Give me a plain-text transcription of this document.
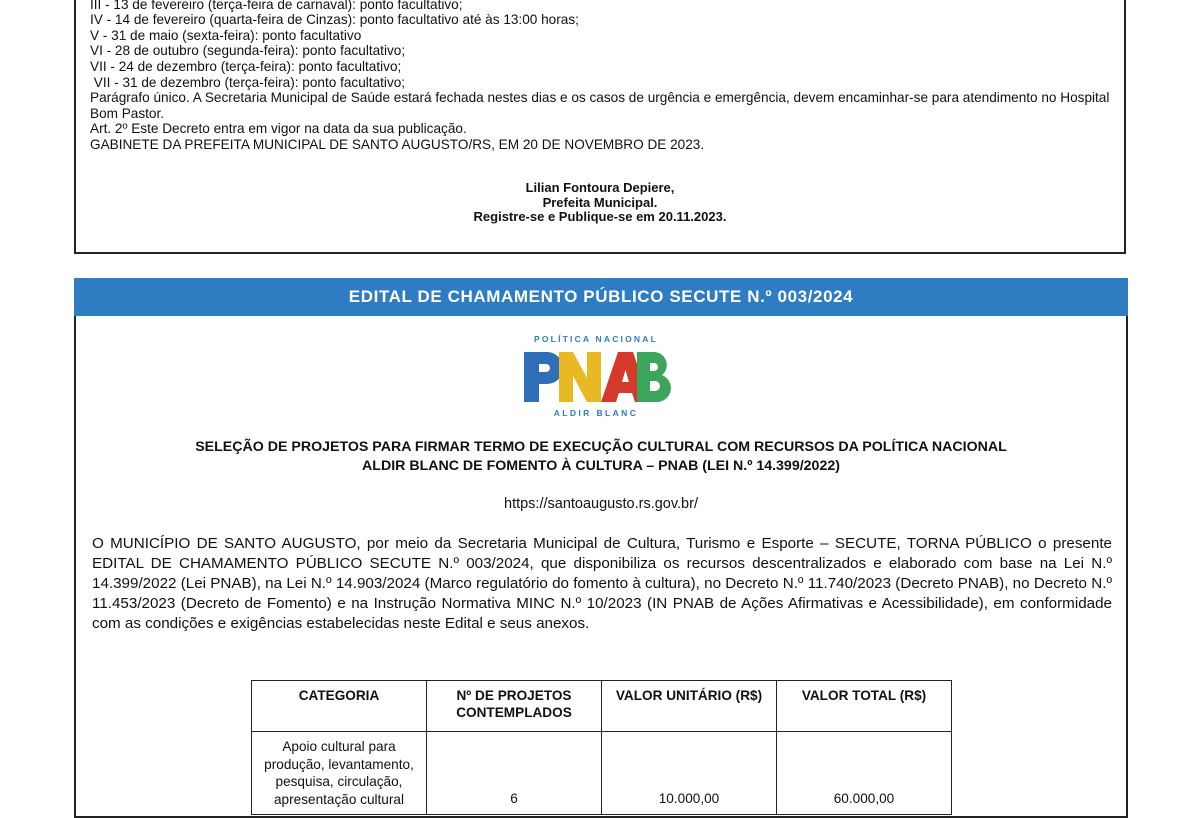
III - 13 de fevereiro (terça-feira de carnaval): ponto facultativo;
IV - 14 de fevereiro (quarta-feira de Cinzas): ponto facultativo até às 13:00 horas;
V - 31 de maio (sexta-feira): ponto facultativo
VI - 28 de outubro (segunda-feira): ponto facultativo;
VII - 24 de dezembro (terça-feira): ponto facultativo;
VII - 31 de dezembro (terça-feira): ponto facultativo;
Parágrafo único. A Secretaria Municipal de Saúde estará fechada nestes dias e os casos de urgência e emergência, devem encaminhar-se para atendimento no Hospital Bom Pastor.
Art. 2º Este Decreto entra em vigor na data da sua publicação.
GABINETE DA PREFEITA MUNICIPAL DE SANTO AUGUSTO/RS, EM 20 DE NOVEMBRO DE 2023.
Lilian Fontoura Depiere,
Prefeita Municipal.
Registre-se e Publique-se em 20.11.2023.
EDITAL DE CHAMAMENTO PÚBLICO SECUTE N.º 003/2024
POLÍTICA NACIONAL
ALDIR BLANC
SELEÇÃO DE PROJETOS PARA FIRMAR TERMO DE EXECUÇÃO CULTURAL COM RECURSOS DA POLÍTICA NACIONAL
ALDIR BLANC DE FOMENTO À CULTURA – PNAB (LEI N.º 14.399/2022)
https://santoaugusto.rs.gov.br/
O MUNICÍPIO DE SANTO AUGUSTO, por meio da Secretaria Municipal de Cultura, Turismo e Esporte – SECUTE, TORNA PÚBLICO o presente EDITAL DE CHAMAMENTO PÚBLICO SECUTE N.º 003/2024, que disponibiliza os recursos descentralizados e elaborado com base na Lei N.º 14.399/2022 (Lei PNAB), na Lei N.º 14.903/2024 (Marco regulatório do fomento à cultura), no Decreto N.º 11.740/2023 (Decreto PNAB), no Decreto N.º 11.453/2023 (Decreto de Fomento) e na Instrução Normativa MINC N.º 10/2023 (IN PNAB de Ações Afirmativas e Acessibilidade), em conformidade com as condições e exigências estabelecidas neste Edital e seus anexos.
CATEGORIA	Nº DE PROJETOS CONTEMPLADOS	VALOR UNITÁRIO (R$)	VALOR TOTAL (R$)
Apoio cultural para produção, levantamento, pesquisa, circulação, apresentação cultural	6	10.000,00	60.000,00
